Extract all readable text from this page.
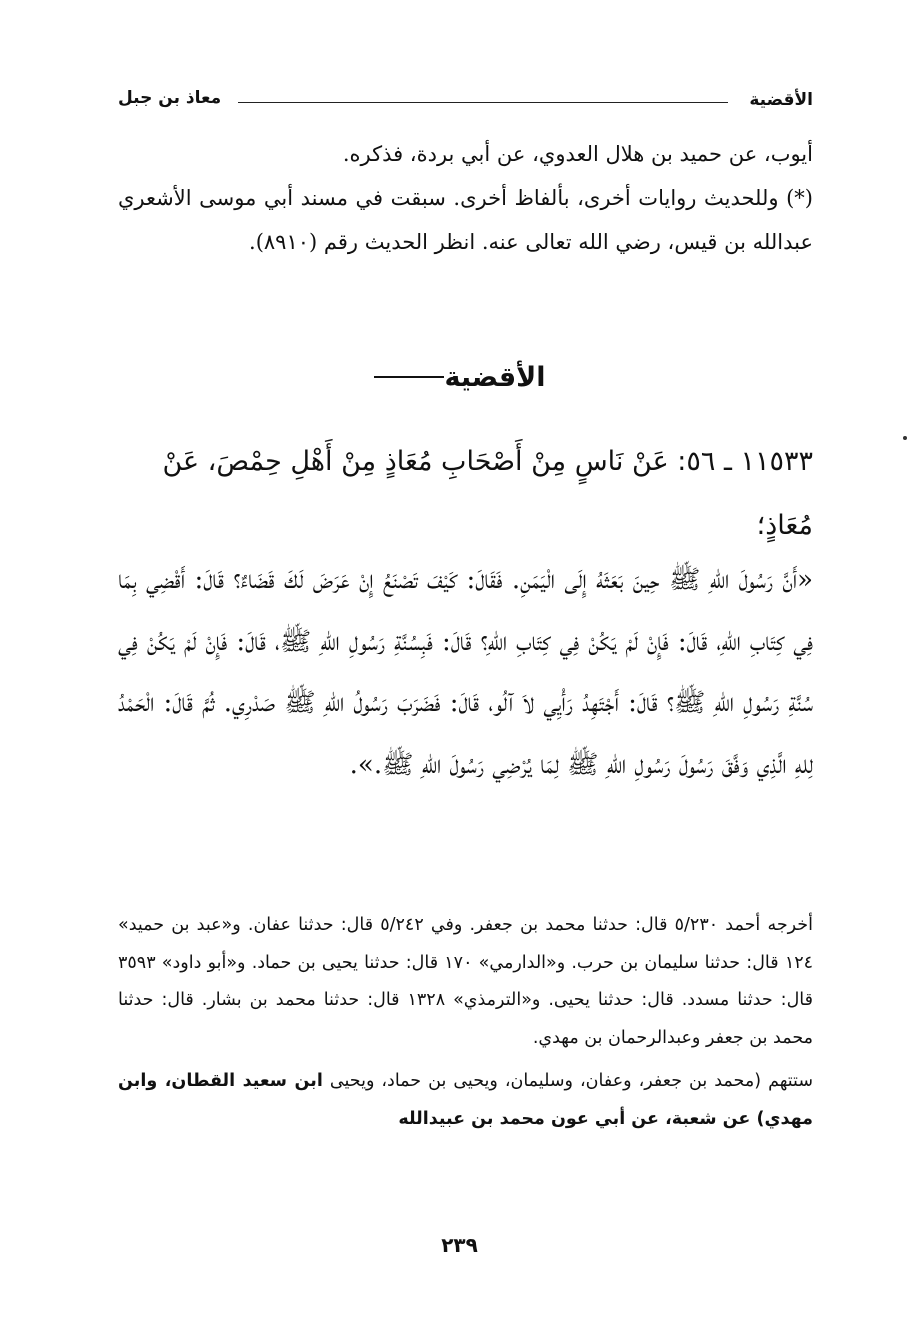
الأقضية
معاذ بن جبل

أيوب، عن حميد بن هلال العدوي، عن أبي بردة، فذكره.

(*) وللحديث روايات أخرى، بألفاظ أخرى. سبقت في مسند أبي موسى الأشعري عبدالله بن قيس، رضي الله تعالى عنه. انظر الحديث رقم (٨٩١٠).

الأقضية
١١٥٣٣ ـ ٥٦: عَنْ نَاسٍ مِنْ أَصْحَابِ مُعَاذٍ مِنْ أَهْلِ حِمْصَ، عَنْ مُعَاذٍ؛
«أَنَّ رَسُولَ اللهِ ﷺ حِينَ بَعَثَهُ إِلَى الْيَمَنِ. فَقَالَ: كَيْفَ تَصْنَعُ إِنْ عَرَضَ لَكَ قَضَاءٌ؟ قَالَ: أَقْضِي بِمَا فِي كِتَابِ اللهِ، قَالَ: فَإِنْ لَمْ يَكُنْ فِي كِتَابِ اللهِ؟ قَالَ: فَبِسُنَّةِ رَسُولِ اللهِ ﷺ، قَالَ: فَإِنْ لَمْ يَكُنْ فِي سُنَّةِ رَسُولِ اللهِ ﷺ؟ قَالَ: أَجْتَهِدُ رَأْيِي لاَ آلُو، قَالَ: فَضَرَبَ رَسُولُ اللهِ ﷺ صَدْرِي. ثُمَّ قَالَ: الْحَمْدُ لِلهِ الَّذِي وَفَّقَ رَسُولَ رَسُولِ اللهِ ﷺ لِمَا يُرْضِي رَسُولَ اللهِ ﷺ.».

أخرجه أحمد ٥/٢٣٠ قال: حدثنا محمد بن جعفر. وفي ٥/٢٤٢ قال: حدثنا عفان. و«عبد بن حميد» ١٢٤ قال: حدثنا سليمان بن حرب. و«الدارمي» ١٧٠ قال: حدثنا يحيى بن حماد. و«أبو داود» ٣٥٩٣ قال: حدثنا مسدد. قال: حدثنا يحيى. و«الترمذي» ١٣٢٨ قال: حدثنا محمد بن بشار. قال: حدثنا محمد بن جعفر وعبدالرحمان بن مهدي.

ستتهم (محمد بن جعفر، وعفان، وسليمان، ويحيى بن حماد، ويحيى ابن سعيد القطان، وابن مهدي) عن شعبة، عن أبي عون محمد بن عبيدالله

٢٣٩
